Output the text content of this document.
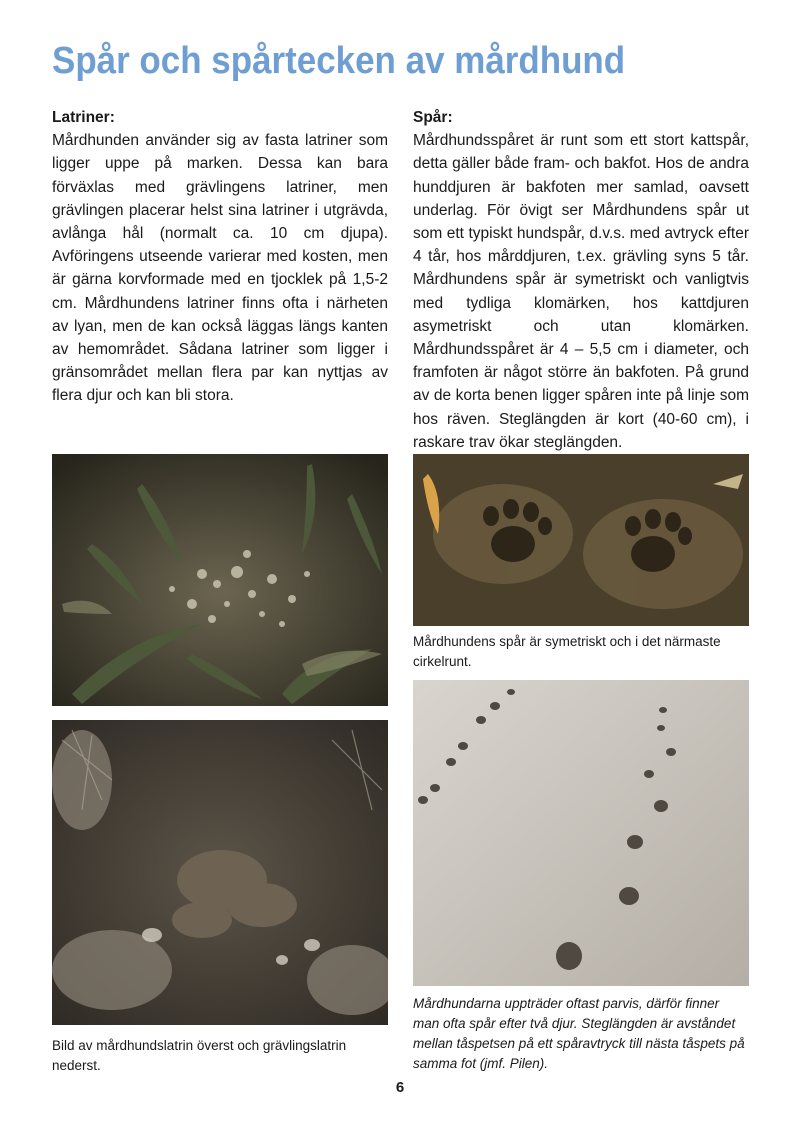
Spår och spårtecken av mårdhund

Latriner:

Mårdhunden använder sig av fasta latriner som ligger uppe på marken. Dessa kan bara förväxlas med grävlingens latriner, men grävlingen placerar helst sina latriner i utgrävda, avlånga hål (normalt ca. 10 cm djupa). Avföringens utseende varierar med kosten, men är gärna korvformade med en tjocklek på 1,5-2 cm. Mårdhundens latriner finns ofta i närheten av lyan, men de kan också läggas längs kanten av hemområdet. Sådana latriner som ligger i gränsområdet mellan flera par kan nyttjas av flera djur och kan bli stora.

Spår:

Mårdhundsspåret är runt som ett stort kattspår, detta gäller både fram- och bakfot. Hos de andra hunddjuren är bakfoten mer samlad, oavsett underlag. För övigt ser Mårdhundens spår ut som ett typiskt hundspår, d.v.s. med avtryck efter 4 tår, hos mårddjuren, t.ex. grävling syns 5 tår. Mårdhundens spår är symetriskt och vanligtvis med tydliga klomärken, hos kattdjuren asymetriskt och utan klomärken. Mårdhundsspåret är 4 – 5,5 cm i diameter, och framfoten är något större än bakfoten. På grund av de korta benen ligger spåren inte på linje som hos räven. Steglängden är kort (40-60 cm), i raskare trav ökar steglängden.

Bild av mårdhundslatrin överst och grävlingslatrin nederst.

Mårdhundens spår är symetriskt och i det närmaste cirkelrunt.

Mårdhundarna uppträder oftast parvis, därför finner man ofta spår efter två djur. Steglängden är avståndet mellan tåspetsen på ett spåravtryck till nästa tåspets på samma fot (jmf. Pilen).

6
